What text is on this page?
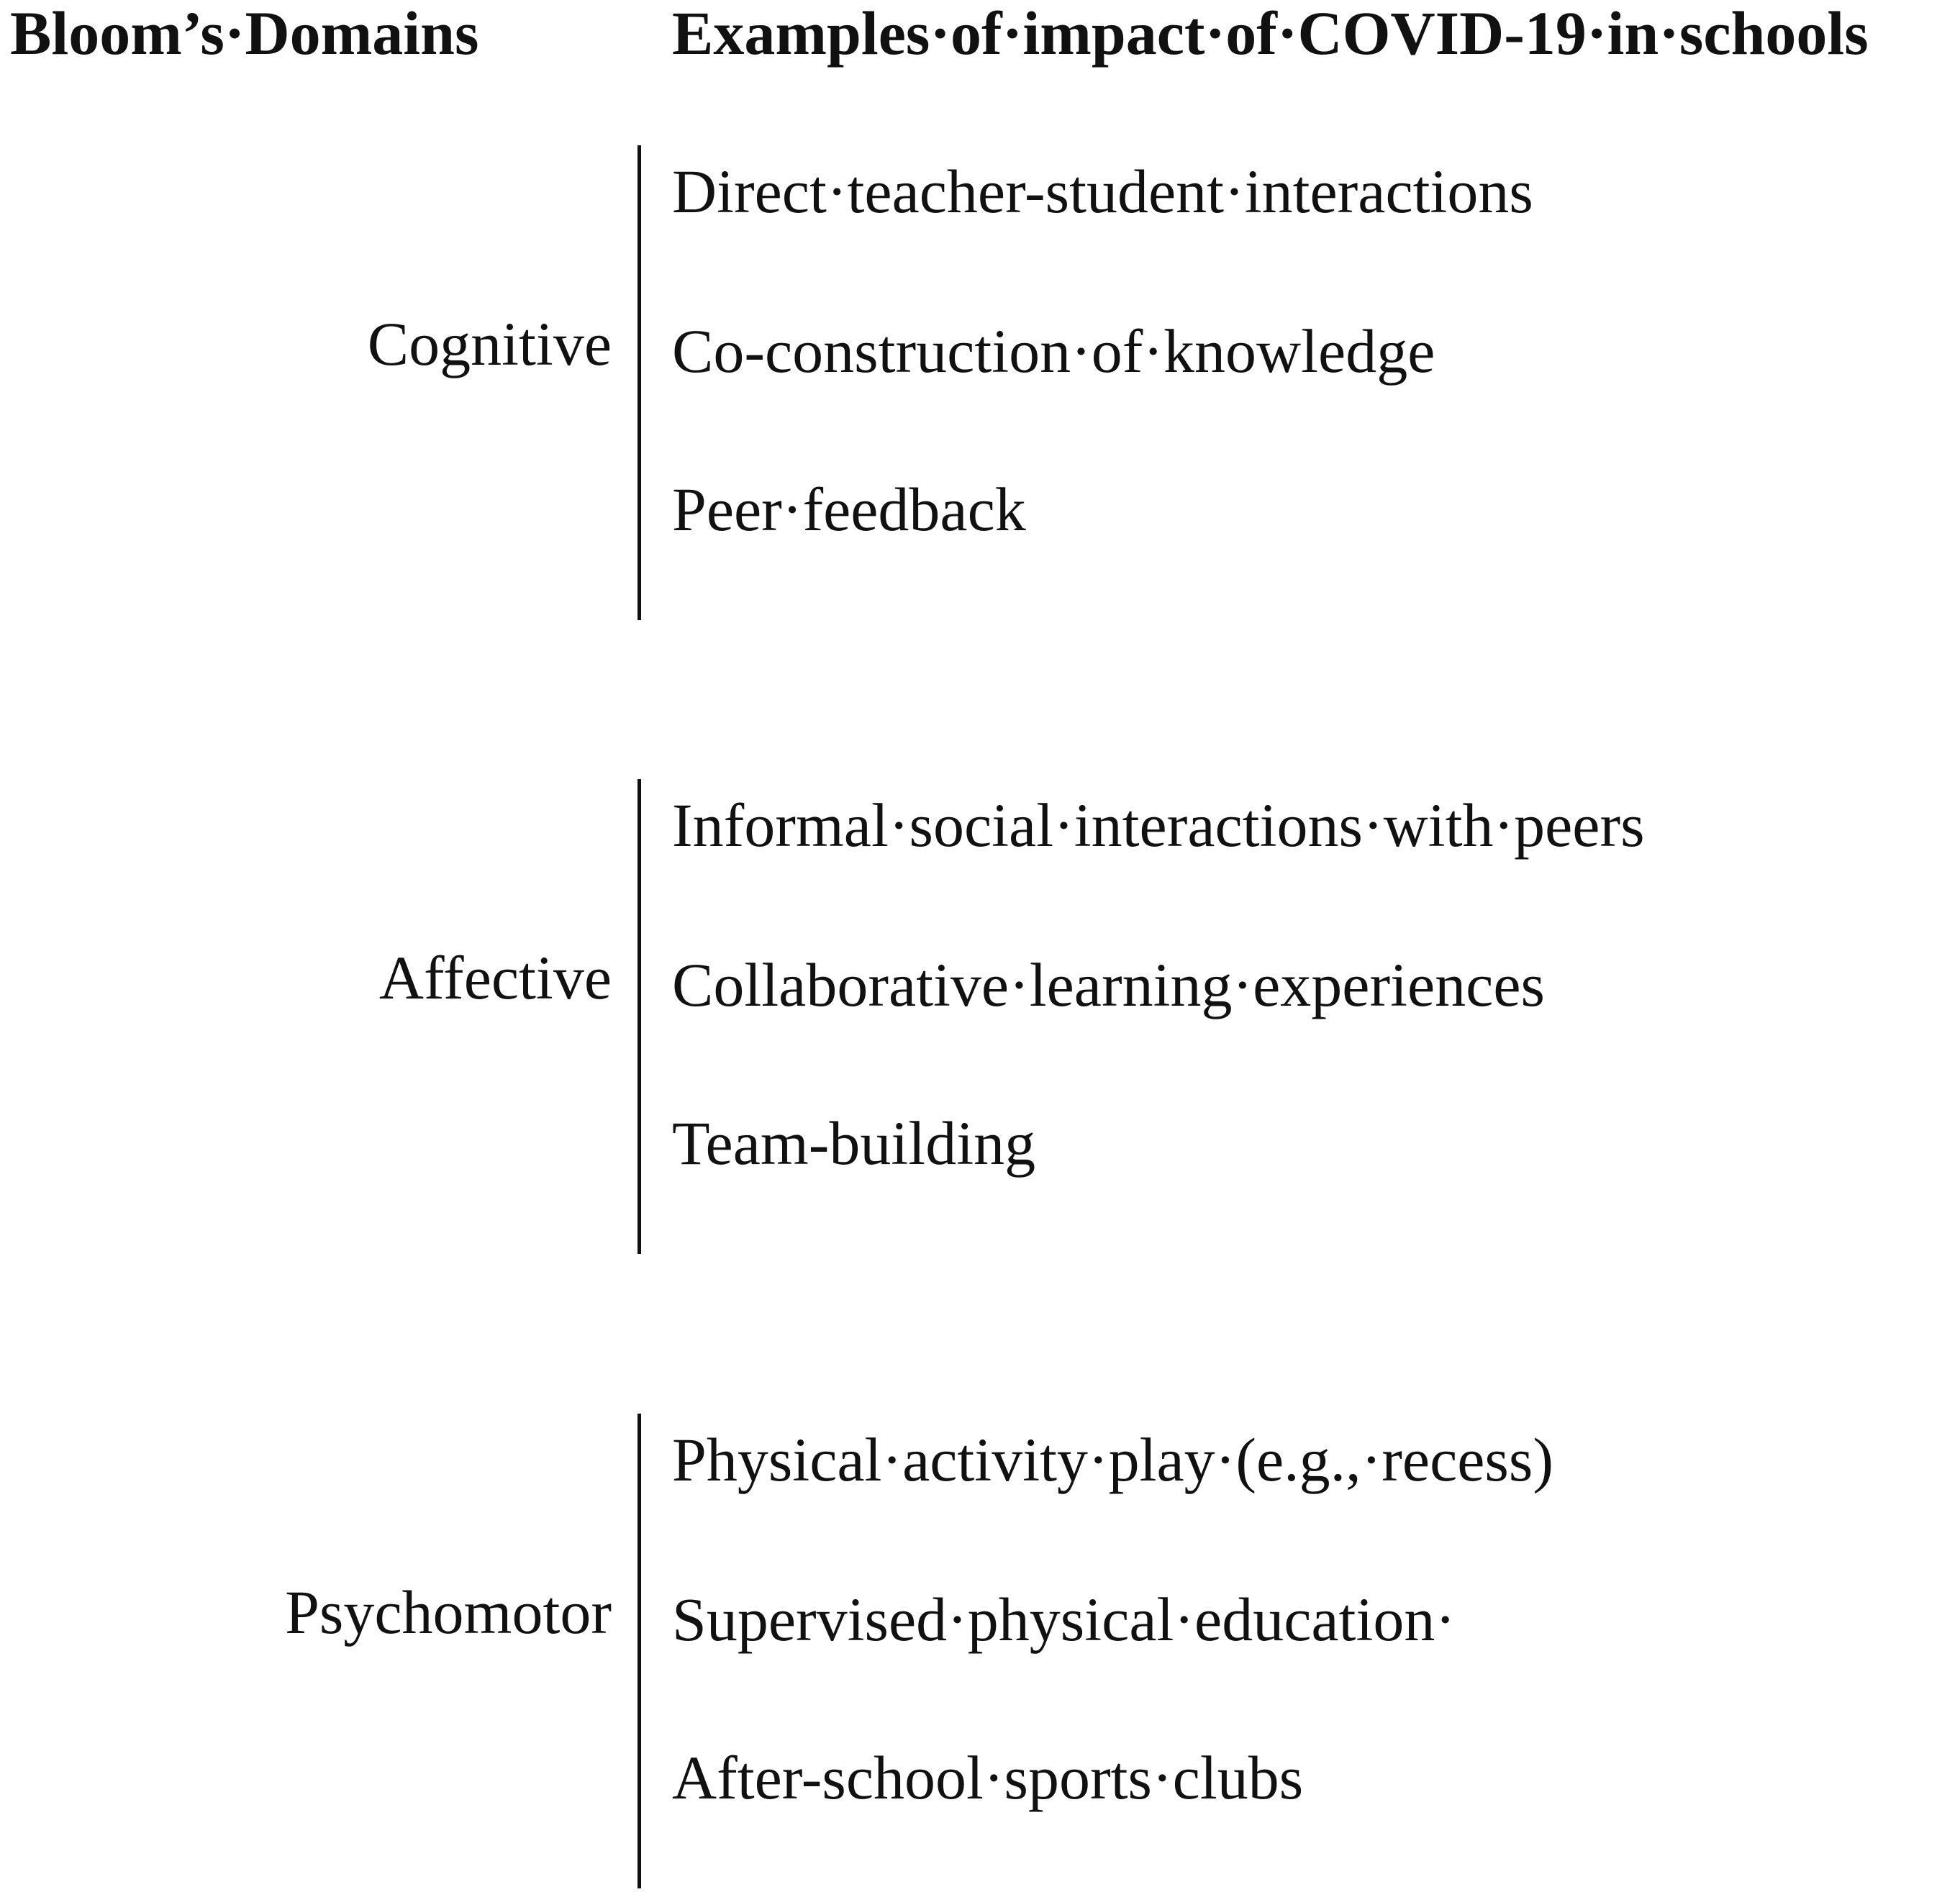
Bloom’s·Domains	Examples·of·impact·of·COVID-19·in·schools
Cognitive
Direct·teacher-student·interactions
Co-construction·of·knowledge
Peer·feedback
Affective
Informal·social·interactions·with·peers
Collaborative·learning·experiences
Team-building
Psychomotor
Physical·activity·play·(e.g.,·recess)
Supervised·physical·education·
After-school·sports·clubs
